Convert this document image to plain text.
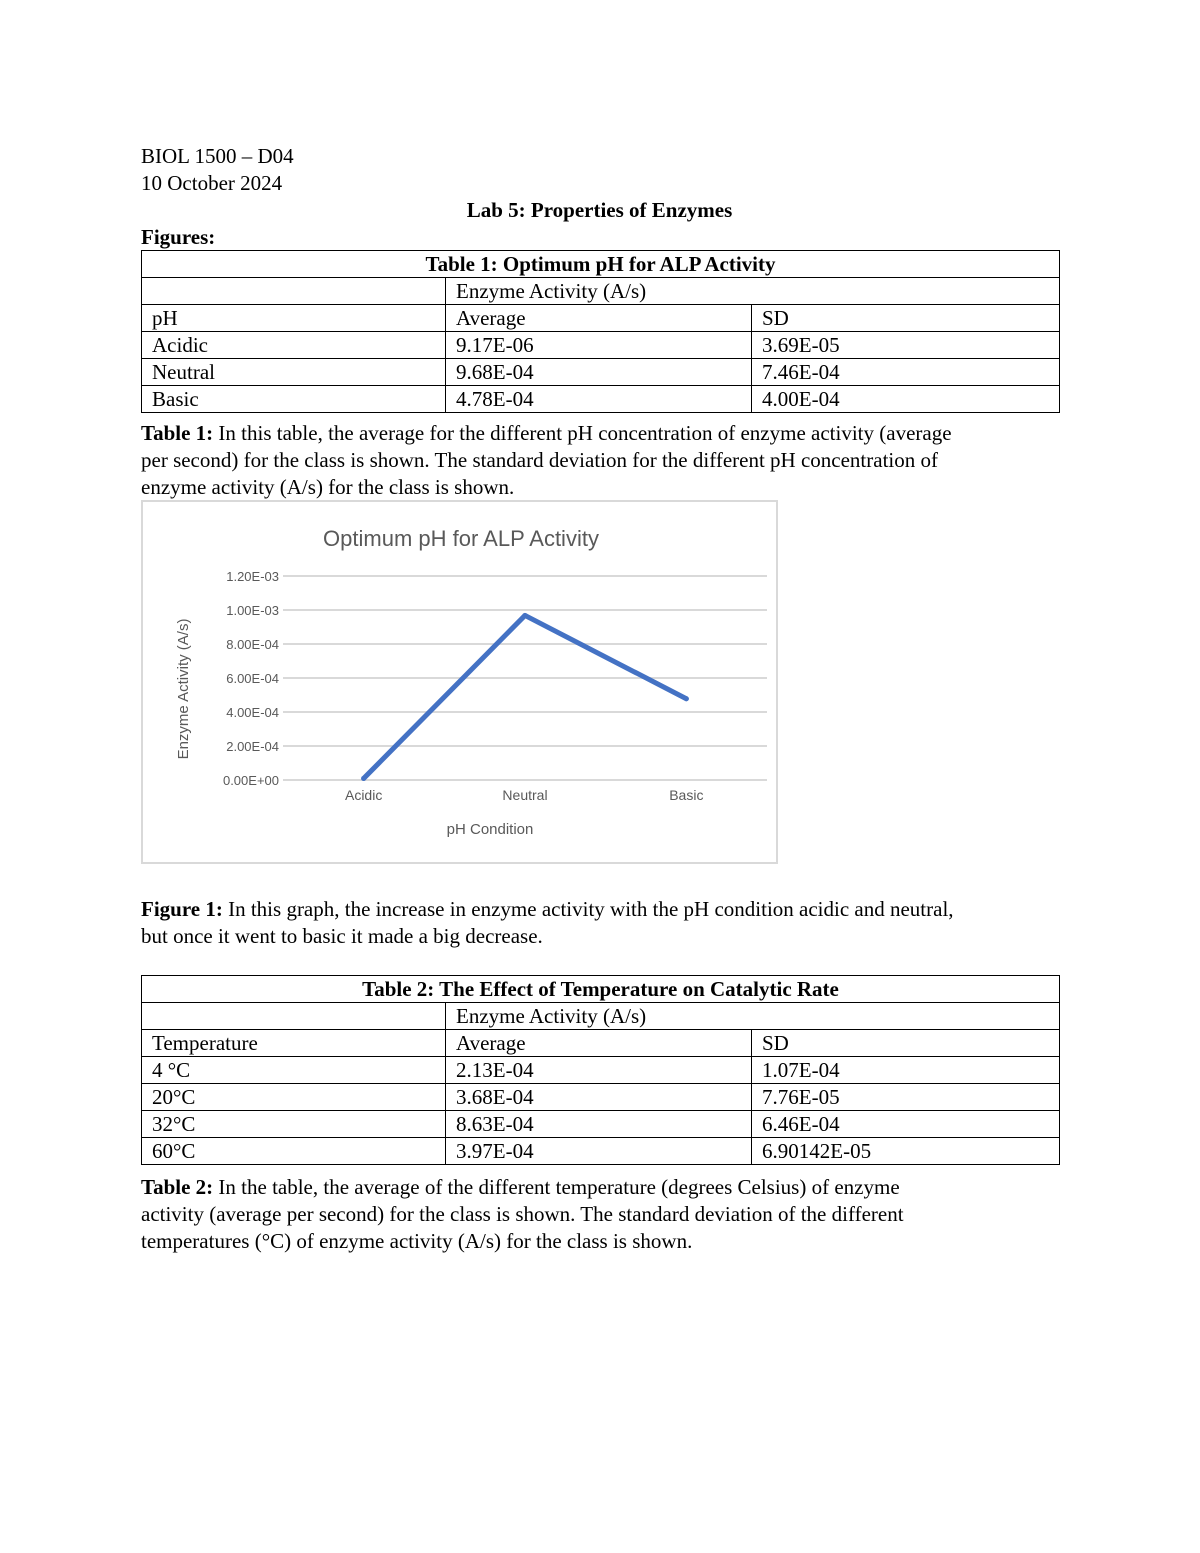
BIOL 1500 – D04
10 October 2024
Lab 5: Properties of Enzymes
Figures:
Table 1: Optimum pH for ALP Activity		
	Enzyme Activity (A/s)	
pH	Average	SD
Acidic	9.17E-06	3.69E-05
Neutral	9.68E-04	7.46E-04
Basic	4.78E-04	4.00E-04
Table 1: In this table, the average for the different pH concentration of enzyme activity (average
per second) for the class is shown. The standard deviation for the different pH concentration of
enzyme activity (A/s) for the class is shown.
Optimum pH for ALP Activity
pH Condition
Enzyme Activity (A/s)
0.00E+00
2.00E-04
4.00E-04
6.00E-04
8.00E-04
1.00E-03
1.20E-03
Acidic	Neutral	Basic
Figure 1: In this graph, the increase in enzyme activity with the pH condition acidic and neutral,
but once it went to basic it made a big decrease.
Table 2: The Effect of Temperature on Catalytic Rate		
	Enzyme Activity (A/s)	
Temperature	Average	SD
4 °C	2.13E-04	1.07E-04
20°C	3.68E-04	7.76E-05
32°C	8.63E-04	6.46E-04
60°C	3.97E-04	6.90142E-05
Table 2: In the table, the average of the different temperature (degrees Celsius) of enzyme
activity (average per second) for the class is shown. The standard deviation of the different
temperatures (°C) of enzyme activity (A/s) for the class is shown.
